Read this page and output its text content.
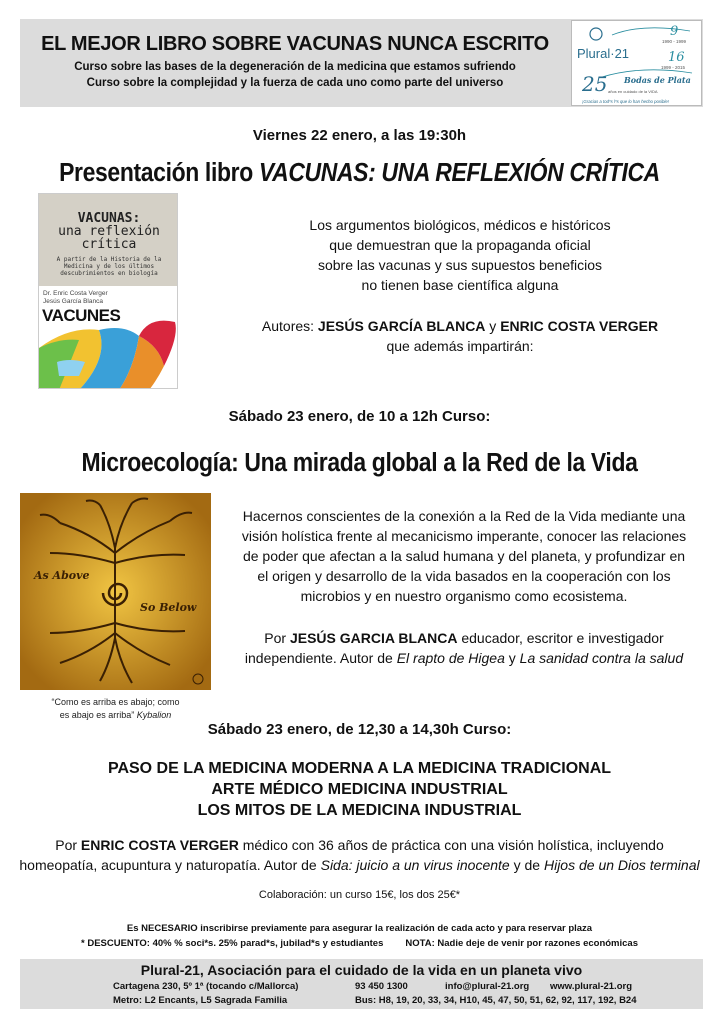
EL MEJOR LIBRO SOBRE VACUNAS NUNCA ESCRITO
Curso sobre las bases de la degeneración de la medicina que estamos sufriendo
Curso sobre la complejidad y la fuerza de cada uno como parte del universo
9
1990 - 1999
Plural·21	16
1999 - 2015
25 Bodas de Plata
años en cuidado de la VIDA
¡Gracias a tod*s l*s que lo han hecho posible!
Viernes 22 enero, a las 19:30h
Presentación libro VACUNAS: UNA REFLEXIÓN CRÍTICA
VACUNAS:
una reflexión
crítica
A partir de la Historia de la Medicina y de los últimos descubrimientos en biología
Dr. Enric Costa Verger
Jesús García Blanca
VACUNES
Los argumentos biológicos, médicos e históricos
que demuestran que la propaganda oficial
sobre las vacunas y sus supuestos beneficios
no tienen base científica alguna
Autores: JESÚS GARCÍA BLANCA y ENRIC COSTA VERGER
que además impartirán:
Sábado 23 enero, de 10 a 12h Curso:
Microecología: Una mirada global a la Red de la Vida
As Above
So Below
“Como es arriba es abajo; como
es abajo es arriba” Kybalion
Hacernos conscientes de la conexión a la Red de la Vida mediante una
visión holística frente al mecanicismo imperante, conocer las relaciones
de poder que afectan a la salud humana y del planeta, y profundizar en
el origen y desarrollo de la vida basados en la cooperación con los
microbios y en nuestro organismo como ecosistema.
Por JESÚS GARCIA BLANCA educador, escritor e investigador
independiente. Autor de El rapto de Higea y La sanidad contra la salud
Sábado 23 enero, de 12,30 a 14,30h Curso:
PASO DE LA MEDICINA MODERNA A LA MEDICINA TRADICIONAL
ARTE MÉDICO MEDICINA INDUSTRIAL
LOS MITOS DE LA MEDICINA INDUSTRIAL
Por ENRIC COSTA VERGER médico con 36 años de práctica con una visión holística, incluyendo
homeopatía, acupuntura y naturopatía. Autor de Sida: juicio a un virus inocente y de Hijos de un Dios terminal
Colaboración: un curso 15€, los dos 25€*
Es NECESARIO inscribirse previamente para asegurar la realización de cada acto y para reservar plaza
* DESCUENTO: 40% % soci*s. 25% parad*s, jubilad*s y estudiantes NOTA: Nadie deje de venir por razones económicas
Plural-21, Asociación para el cuidado de la vida en un planeta vivo
Cartagena 230, 5º 1ª (tocando c/Mallorca)	93 450 1300	info@plural-21.org www.plural-21.org
Metro: L2 Encants, L5 Sagrada Familia	Bus: H8, 19, 20, 33, 34, H10, 45, 47, 50, 51, 62, 92, 117, 192, B24
